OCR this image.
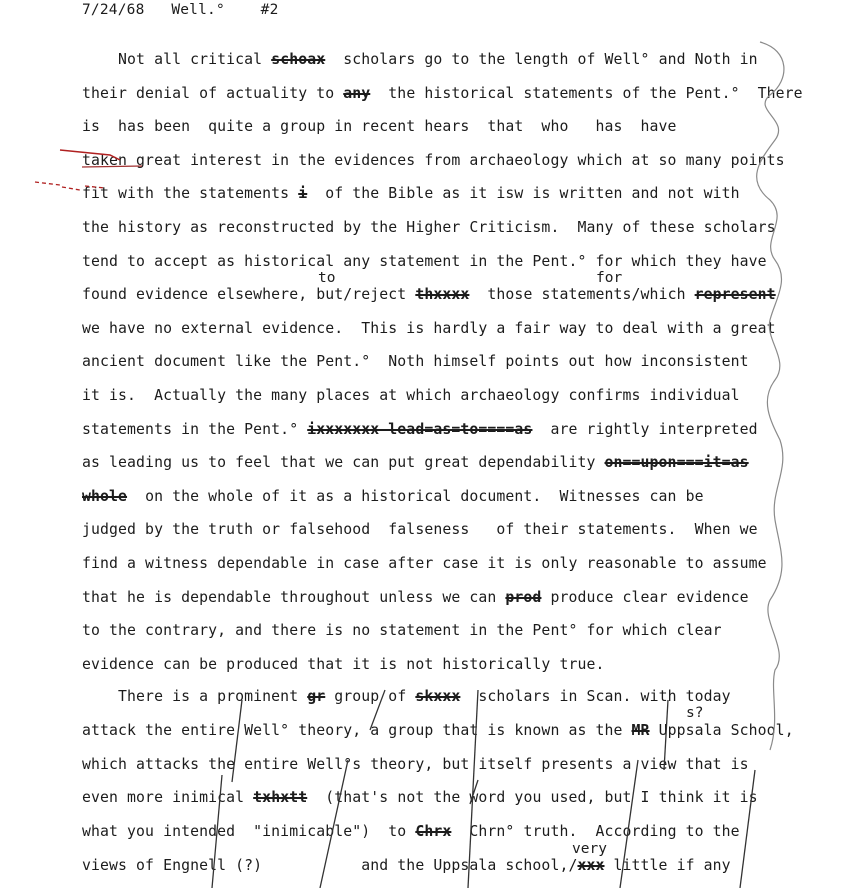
7/24/68 Well.° #2
Not all critical schoax  scholars go to the length of Well° and Noth in
their denial of actuality to any  the historical statements of the Pent.°  There
is  has been  quite a group in recent hears  that  who   has  have
taken great interest in the evidences from archaeology which at so many points
fit with the statements i  of the Bible as it isw is written and not with
the history as reconstructed by the Higher Criticism.  Many of these scholars
tend to accept as historical any statement in the Pent.° for which they have
found evidence elsewhere, but/reject thxxxx  those statements/which represent
we have no external evidence.  This is hardly a fair way to deal with a great
ancient document like the Pent.°  Noth himself points out how inconsistent
it is.  Actually the many places at which archaeology confirms individual
statements in the Pent.° ixxxxxxx lead=as=to====as  are rightly interpreted
as leading us to feel that we can put great dependability on==upon===it=as
whole  on the whole of it as a historical document.  Witnesses can be
judged by the truth or falsehood  falseness   of their statements.  When we
find a witness dependable in case after case it is only reasonable to assume
that he is dependable throughout unless we can prod produce clear evidence
to the contrary, and there is no statement in the Pent° for which clear
evidence can be produced that it is not historically true.
There is a prominent gr group of skxxx  scholars in Scan. with today
attack the entire Well° theory, a group that is known as the MR Uppsala School,
which attacks the entire Well°s theory, but itself presents a view that is
even more inimical txhxtt  (that's not the word you used, but I think it is
what you intended  "inimicable")  to Chrx  Chrn° truth.  According to the
views of Engnell (?)           and the Uppsala school,/xxx little if any
to	for
s?
very
